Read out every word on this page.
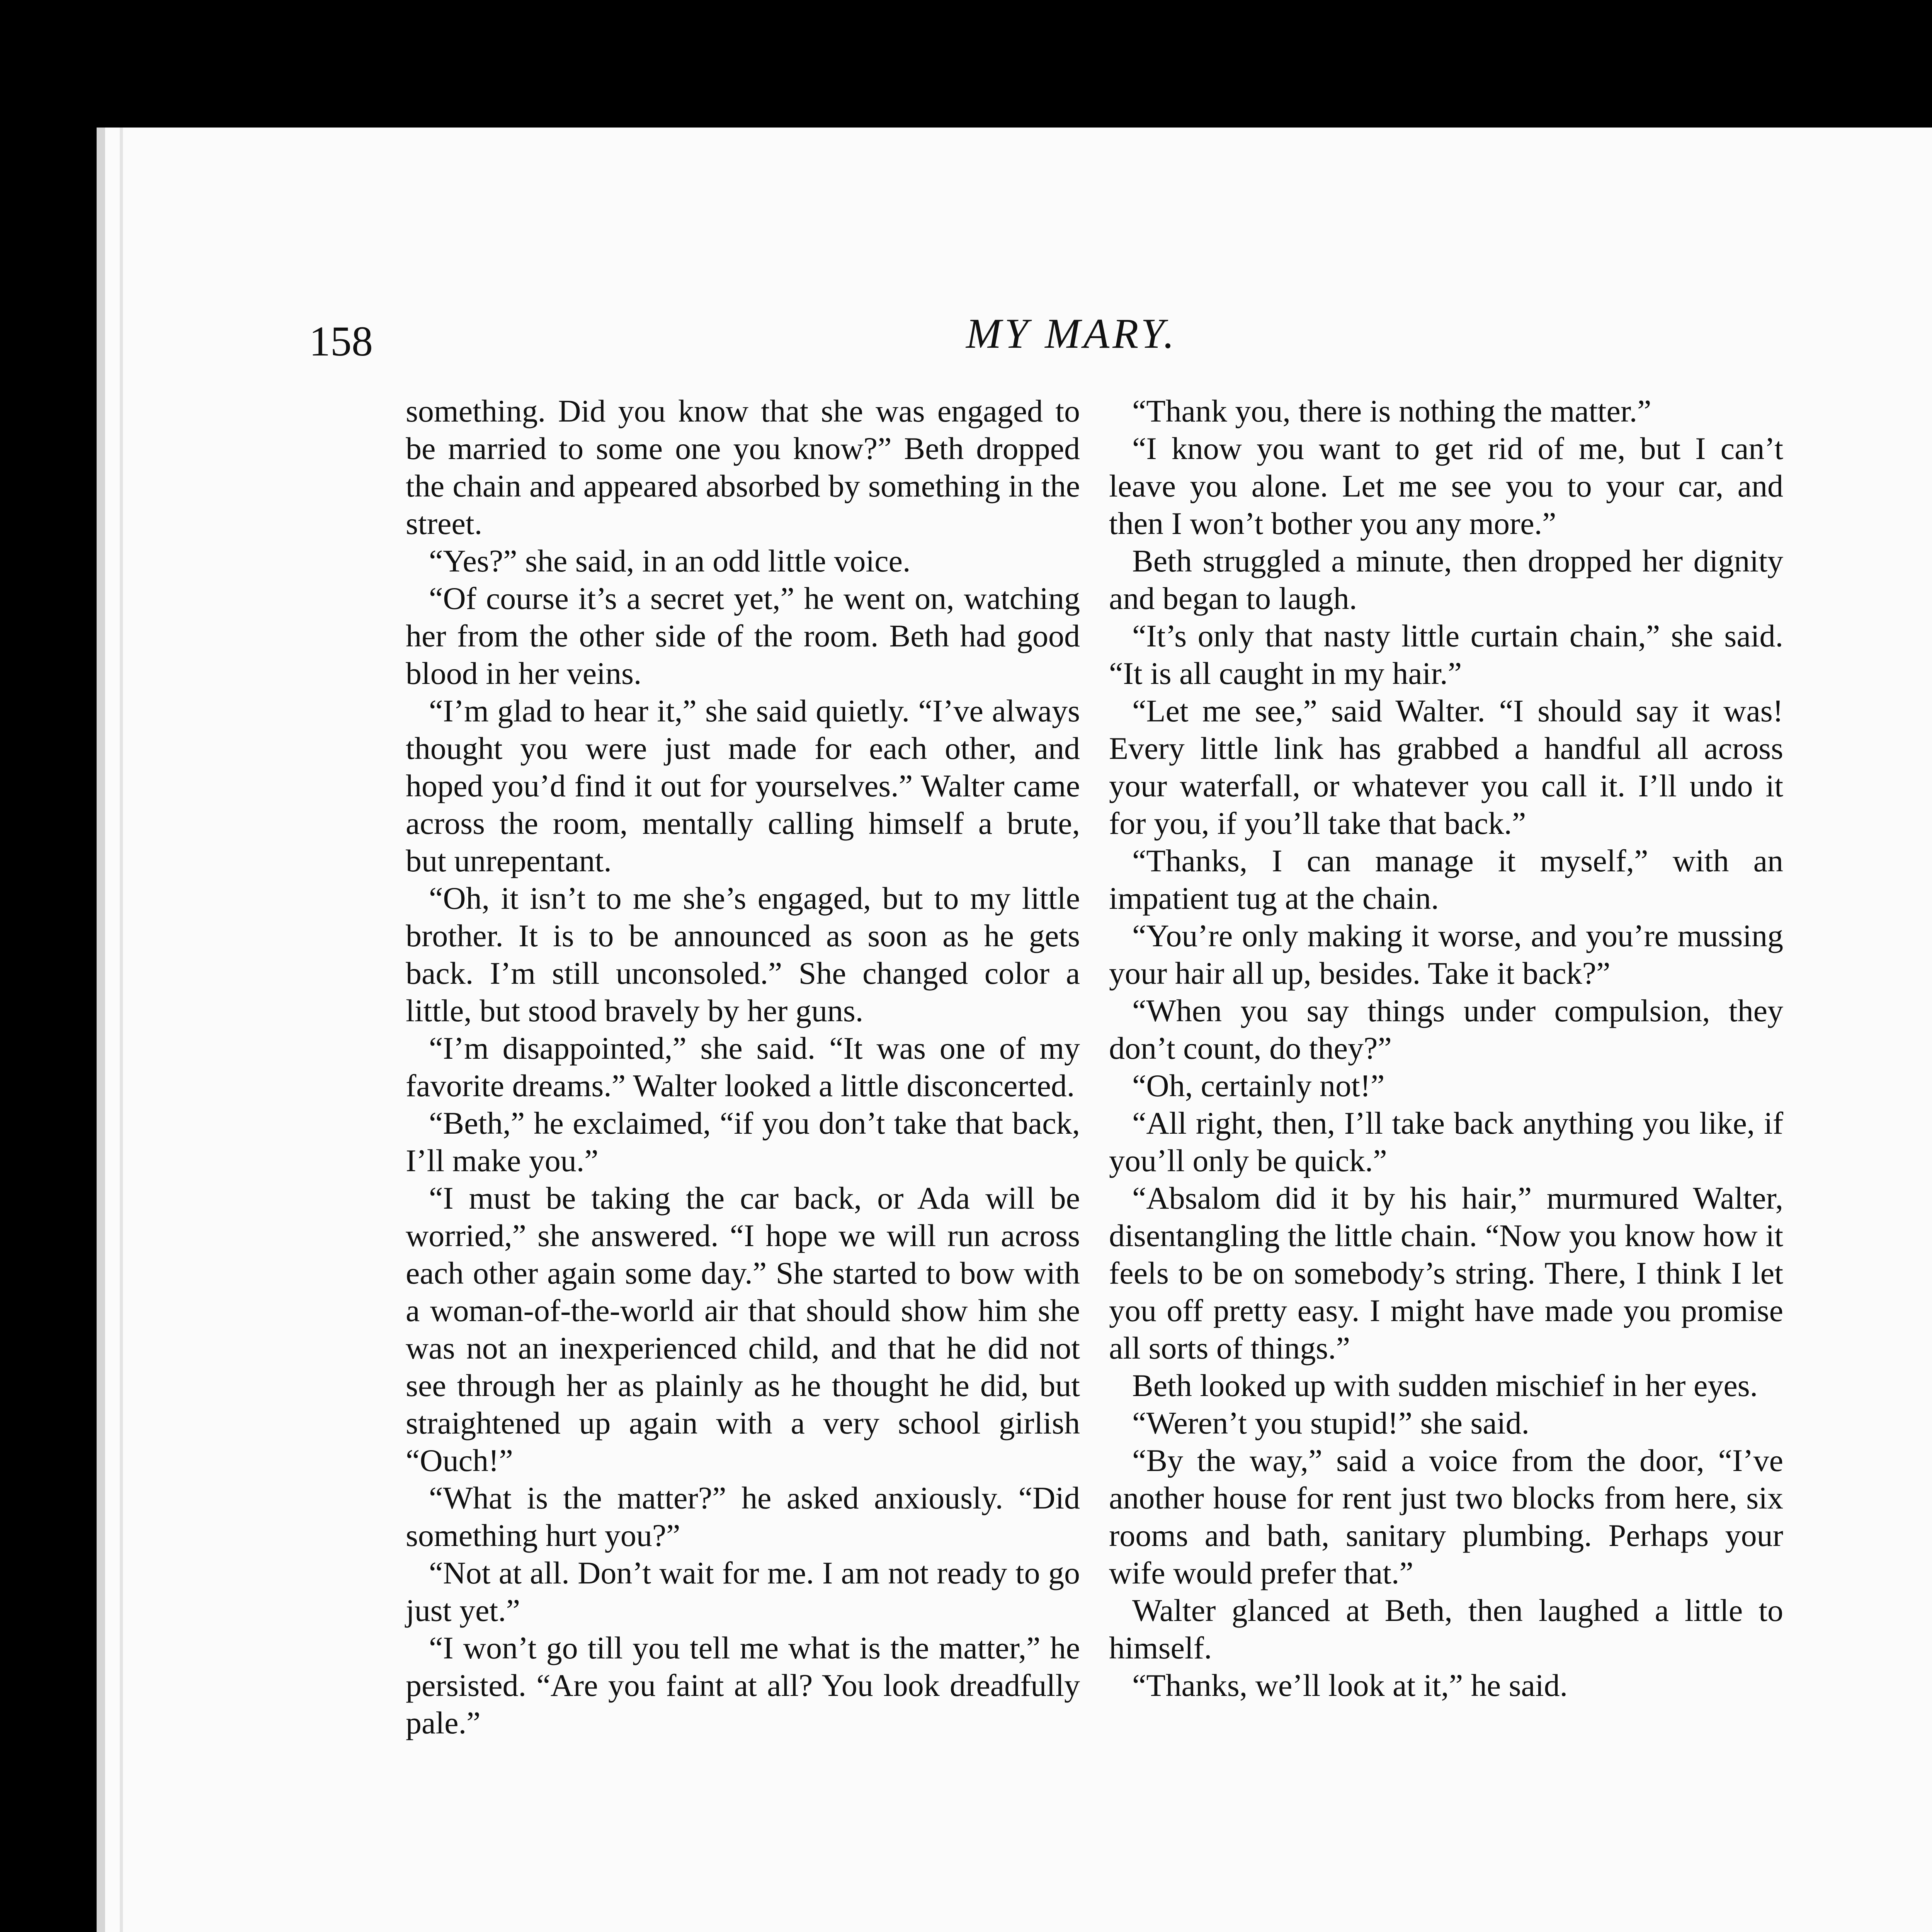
158	MY MARY.

something. Did you know that she was engaged to be married to some one you know?” Beth dropped the chain and appeared absorbed by something in the street.

“Yes?” she said, in an odd little voice.

“Of course it’s a secret yet,” he went on, watching her from the other side of the room. Beth had good blood in her veins.

“I’m glad to hear it,” she said quietly. “I’ve always thought you were just made for each other, and hoped you’d find it out for yourselves.” Walter came across the room, mentally calling himself a brute, but unrepentant.

“Oh, it isn’t to me she’s engaged, but to my little brother. It is to be announced as soon as he gets back. I’m still unconsoled.” She changed color a little, but stood bravely by her guns.

“I’m disappointed,” she said. “It was one of my favorite dreams.” Walter looked a little disconcerted.

“Beth,” he exclaimed, “if you don’t take that back, I’ll make you.”

“I must be taking the car back, or Ada will be worried,” she answered. “I hope we will run across each other again some day.” She started to bow with a woman-of-the-world air that should show him she was not an inexperienced child, and that he did not see through her as plainly as he thought he did, but straightened up again with a very school girlish “Ouch!”

“What is the matter?” he asked anxiously. “Did something hurt you?”

“Not at all. Don’t wait for me. I am not ready to go just yet.”

“I won’t go till you tell me what is the matter,” he persisted. “Are you faint at all? You look dreadfully pale.”

“Thank you, there is nothing the matter.”

“I know you want to get rid of me, but I can’t leave you alone. Let me see you to your car, and then I won’t bother you any more.”

Beth struggled a minute, then dropped her dignity and began to laugh.

“It’s only that nasty little curtain chain,” she said. “It is all caught in my hair.”

“Let me see,” said Walter. “I should say it was! Every little link has grabbed a handful all across your waterfall, or whatever you call it. I’ll undo it for you, if you’ll take that back.”

“Thanks, I can manage it myself,” with an impatient tug at the chain.

“You’re only making it worse, and you’re mussing your hair all up, besides. Take it back?”

“When you say things under compulsion, they don’t count, do they?”

“Oh, certainly not!”

“All right, then, I’ll take back anything you like, if you’ll only be quick.”

“Absalom did it by his hair,” murmured Walter, disentangling the little chain. “Now you know how it feels to be on somebody’s string. There, I think I let you off pretty easy. I might have made you promise all sorts of things.”

Beth looked up with sudden mischief in her eyes.

“Weren’t you stupid!” she said.

“By the way,” said a voice from the door, “I’ve another house for rent just two blocks from here, six rooms and bath, sanitary plumbing. Perhaps your wife would prefer that.”

Walter glanced at Beth, then laughed a little to himself.

“Thanks, we’ll look at it,” he said.
